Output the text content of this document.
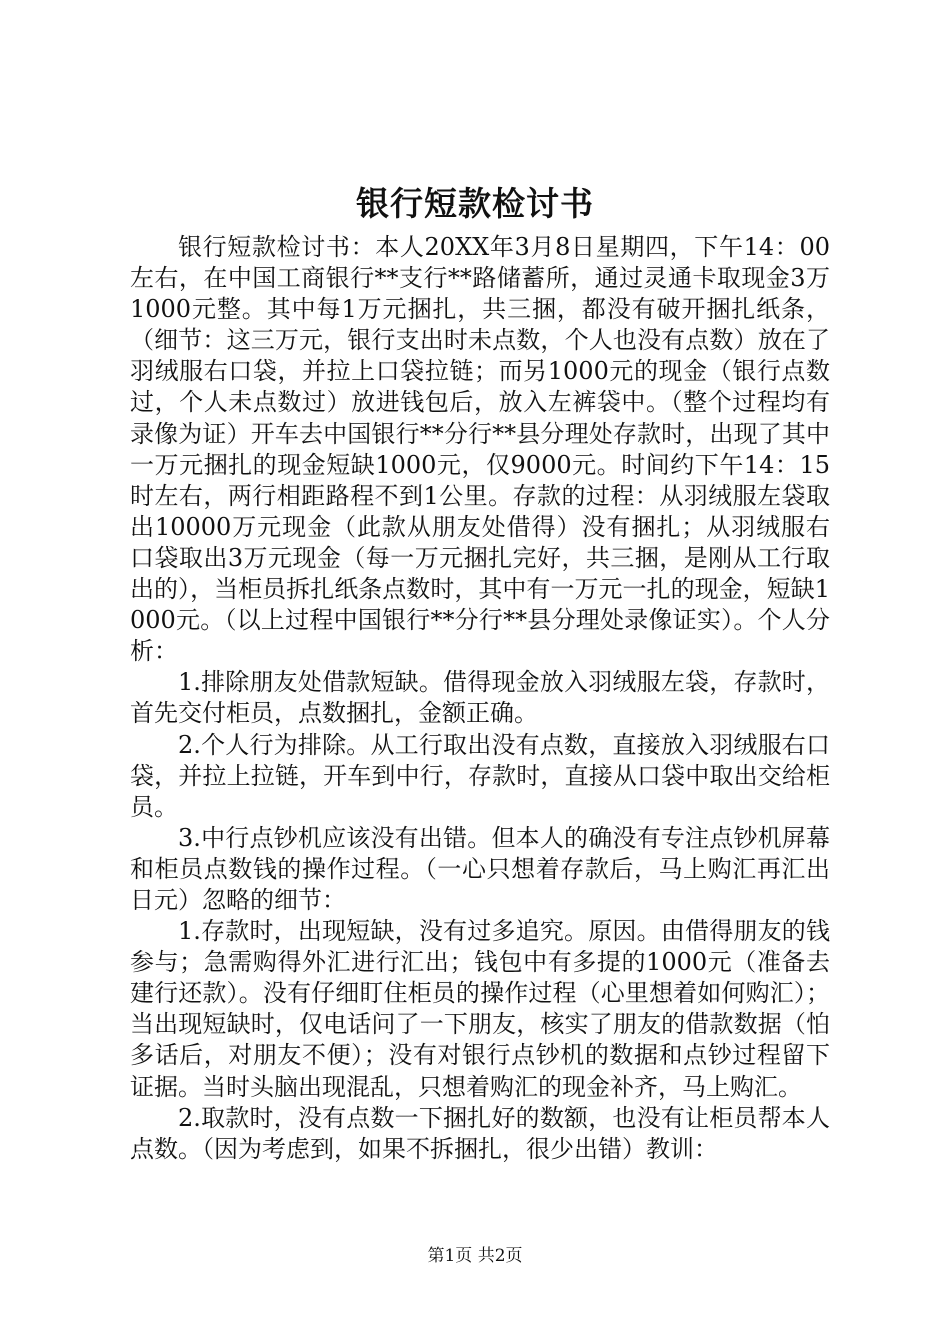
银行短款检讨书

银行短款检讨书：本人20XX年3月8日星期四，下午14：00左右，在中国工商银行**支行**路储蓄所，通过灵通卡取现金3万1000元整。其中每1万元捆扎，共三捆，都没有破开捆扎纸条，（细节：这三万元，银行支出时未点数，个人也没有点数）放在了羽绒服右口袋，并拉上口袋拉链；而另1000元的现金（银行点数过，个人未点数过）放进钱包后，放入左裤袋中。（整个过程均有录像为证）开车去中国银行**分行**县分理处存款时，出现了其中一万元捆扎的现金短缺1000元，仅9000元。时间约下午14：15时左右，两行相距路程不到1公里。存款的过程：从羽绒服左袋取出10000万元现金（此款从朋友处借得）没有捆扎；从羽绒服右口袋取出3万元现金（每一万元捆扎完好，共三捆，是刚从工行取出的），当柜员拆扎纸条点数时，其中有一万元一扎的现金，短缺1000元。（以上过程中国银行**分行**县分理处录像证实）。个人分析：

1.排除朋友处借款短缺。借得现金放入羽绒服左袋，存款时，首先交付柜员，点数捆扎，金额正确。

2.个人行为排除。从工行取出没有点数，直接放入羽绒服右口袋，并拉上拉链，开车到中行，存款时，直接从口袋中取出交给柜员。

3.中行点钞机应该没有出错。但本人的确没有专注点钞机屏幕和柜员点数钱的操作过程。（一心只想着存款后，马上购汇再汇出日元）忽略的细节：

1.存款时，出现短缺，没有过多追究。原因。由借得朋友的钱参与；急需购得外汇进行汇出；钱包中有多提的1000元（准备去建行还款）。没有仔细盯住柜员的操作过程（心里想着如何购汇）；当出现短缺时，仅电话问了一下朋友，核实了朋友的借款数据（怕多话后，对朋友不便）；没有对银行点钞机的数据和点钞过程留下证据。当时头脑出现混乱，只想着购汇的现金补齐，马上购汇。

2.取款时，没有点数一下捆扎好的数额，也没有让柜员帮本人点数。（因为考虑到，如果不拆捆扎，很少出错）教训：

第1页 共2页
